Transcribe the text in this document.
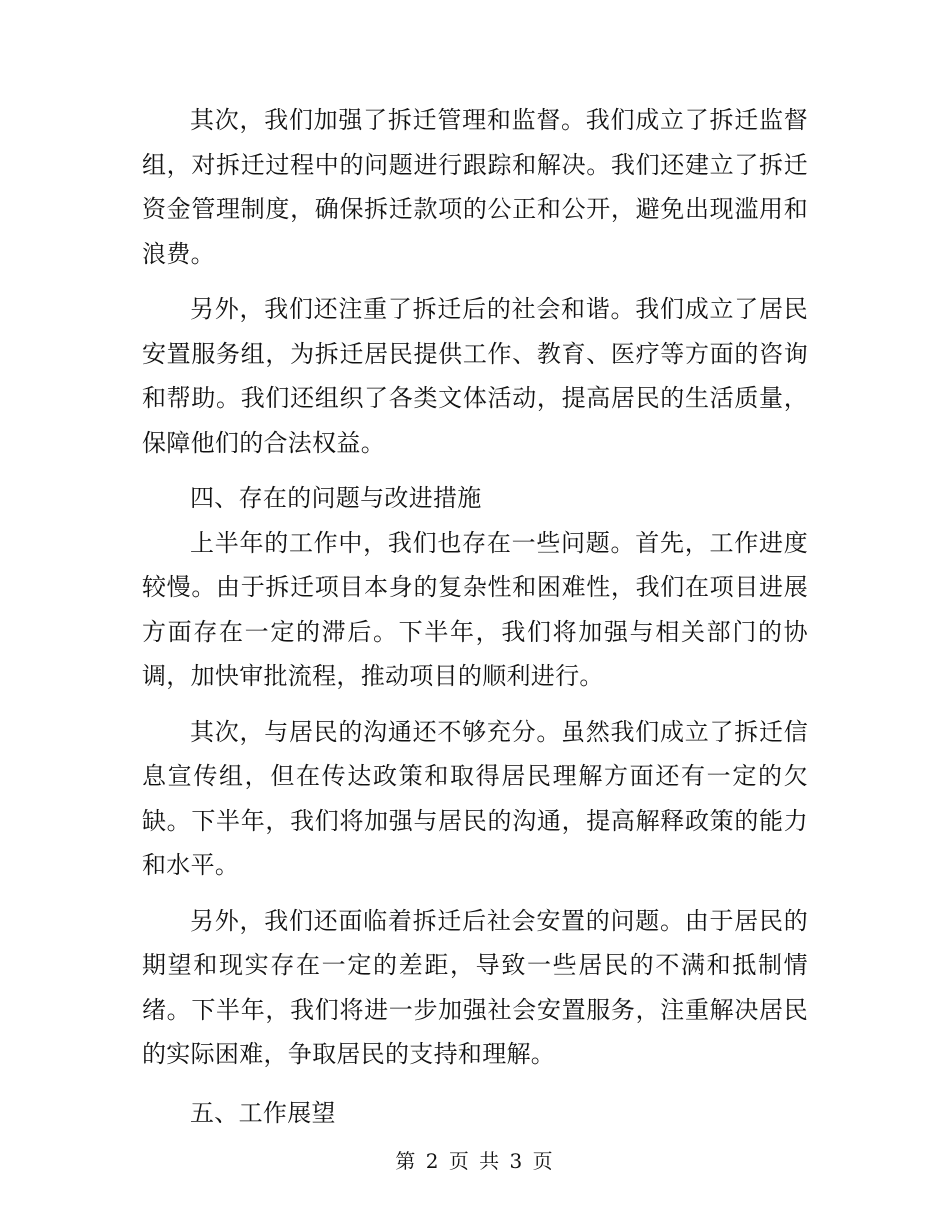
其次，我们加强了拆迁管理和监督。我们成立了拆迁监督组，对拆迁过程中的问题进行跟踪和解决。我们还建立了拆迁资金管理制度，确保拆迁款项的公正和公开，避免出现滥用和浪费。

另外，我们还注重了拆迁后的社会和谐。我们成立了居民安置服务组，为拆迁居民提供工作、教育、医疗等方面的咨询和帮助。我们还组织了各类文体活动，提高居民的生活质量，保障他们的合法权益。

四、存在的问题与改进措施

上半年的工作中，我们也存在一些问题。首先，工作进度较慢。由于拆迁项目本身的复杂性和困难性，我们在项目进展方面存在一定的滞后。下半年，我们将加强与相关部门的协调，加快审批流程，推动项目的顺利进行。

其次，与居民的沟通还不够充分。虽然我们成立了拆迁信息宣传组，但在传达政策和取得居民理解方面还有一定的欠缺。下半年，我们将加强与居民的沟通，提高解释政策的能力和水平。

另外，我们还面临着拆迁后社会安置的问题。由于居民的期望和现实存在一定的差距，导致一些居民的不满和抵制情绪。下半年，我们将进一步加强社会安置服务，注重解决居民的实际困难，争取居民的支持和理解。

五、工作展望

第 2 页 共 3 页
